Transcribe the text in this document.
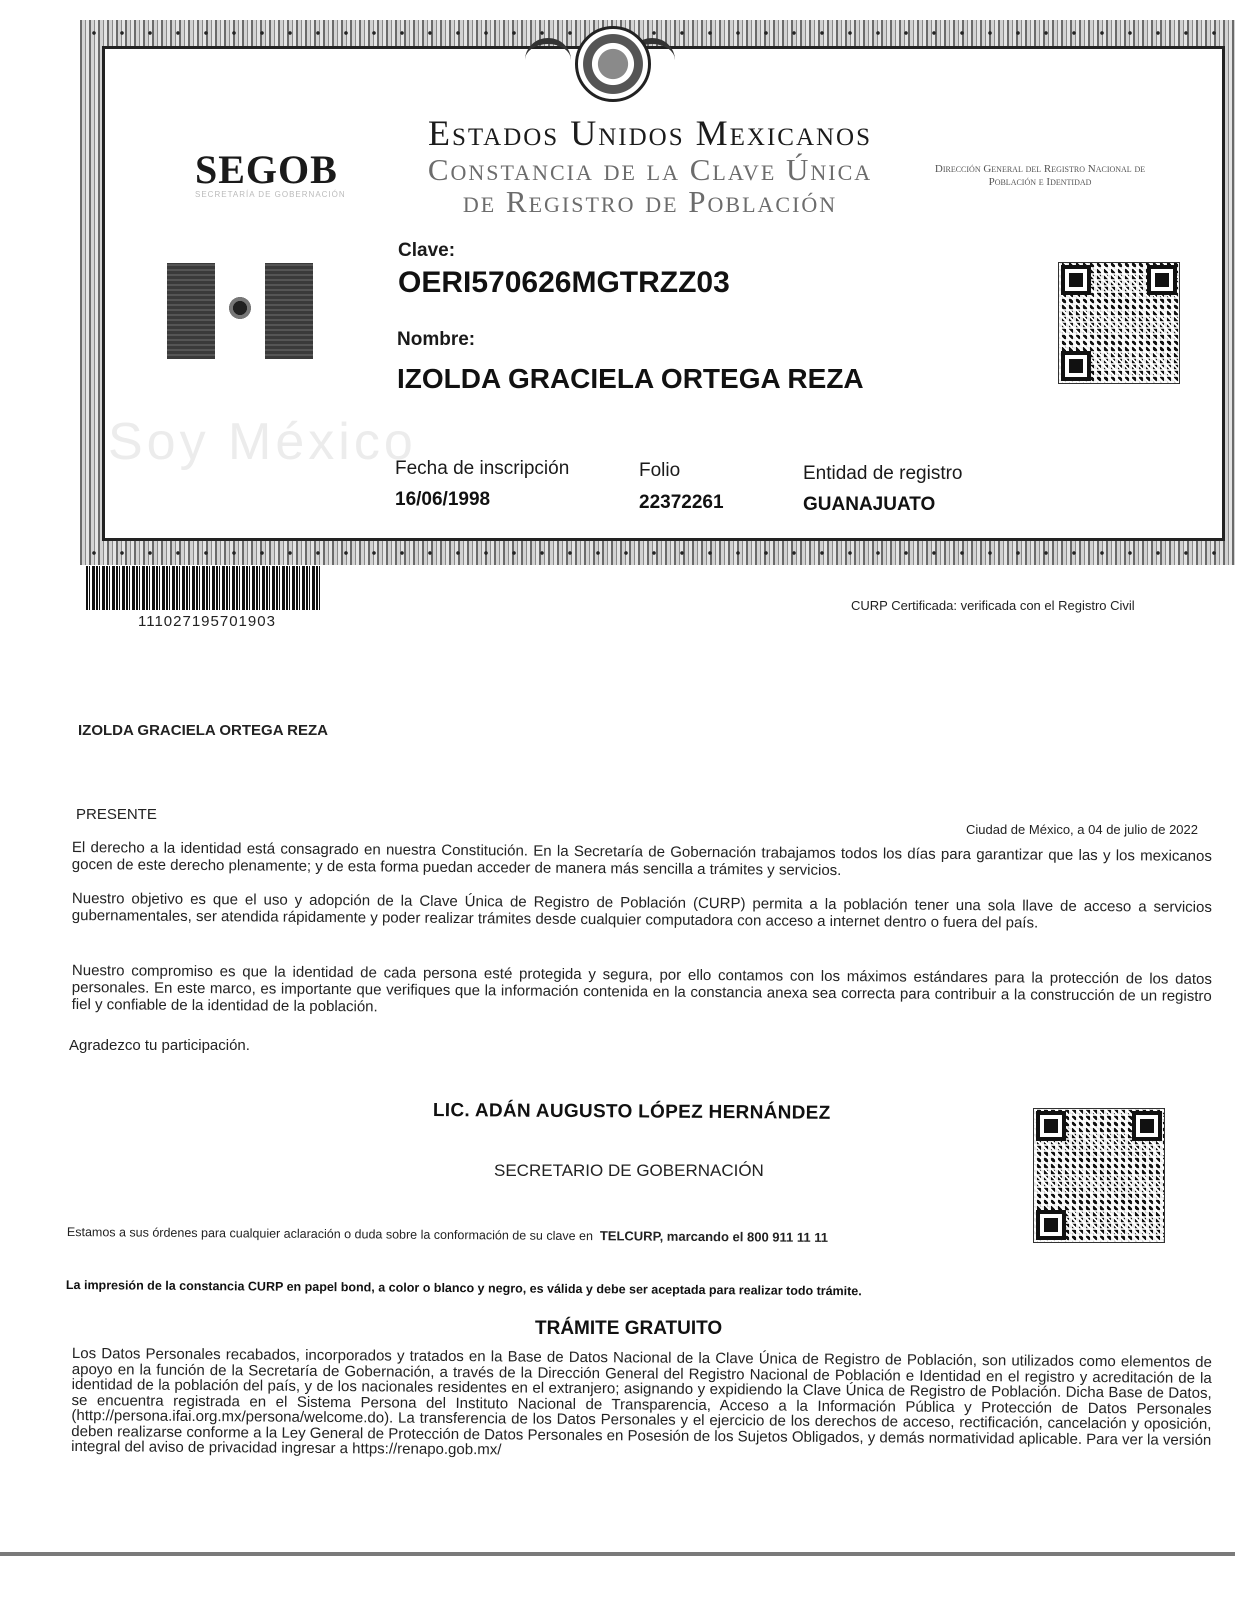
Estados Unidos Mexicanos
Constancia de la Clave Única
de Registro de Población
SEGOB
SECRETARÍA DE GOBERNACIÓN
Dirección General del Registro Nacional de Población e Identidad
Soy México
Clave:
OERI570626MGTRZZ03
Nombre:
IZOLDA GRACIELA ORTEGA REZA
Fecha de inscripción
16/06/1998
Folio
22372261
Entidad de registro
GUANAJUATO
111027195701903
CURP Certificada: verificada con el Registro Civil
IZOLDA GRACIELA ORTEGA REZA
PRESENTE
Ciudad de México, a 04 de julio de 2022
El derecho a la identidad está consagrado en nuestra Constitución. En la Secretaría de Gobernación trabajamos todos los días para garantizar que las y los mexicanos gocen de este derecho plenamente; y de esta forma puedan acceder de manera más sencilla a trámites y servicios.
Nuestro objetivo es que el uso y adopción de la Clave Única de Registro de Población (CURP) permita a la población tener una sola llave de acceso a servicios gubernamentales, ser atendida rápidamente y poder realizar trámites desde cualquier computadora con acceso a internet dentro o fuera del país.
Nuestro compromiso es que la identidad de cada persona esté protegida y segura, por ello contamos con los máximos estándares para la protección de los datos personales. En este marco, es importante que verifiques que la información contenida en la constancia anexa sea correcta para contribuir a la construcción de un registro fiel y confiable de la identidad de la población.
Agradezco tu participación.
LIC. ADÁN AUGUSTO LÓPEZ HERNÁNDEZ
SECRETARIO DE GOBERNACIÓN
Estamos a sus órdenes para cualquier aclaración o duda sobre la conformación de su clave en TELCURP, marcando el 800 911 11 11
La impresión de la constancia CURP en papel bond, a color o blanco y negro, es válida y debe ser aceptada para realizar todo trámite.
TRÁMITE GRATUITO
Los Datos Personales recabados, incorporados y tratados en la Base de Datos Nacional de la Clave Única de Registro de Población, son utilizados como elementos de apoyo en la función de la Secretaría de Gobernación, a través de la Dirección General del Registro Nacional de Población e Identidad en el registro y acreditación de la identidad de la población del país, y de los nacionales residentes en el extranjero; asignando y expidiendo la Clave Única de Registro de Población. Dicha Base de Datos, se encuentra registrada en el Sistema Persona del Instituto Nacional de Transparencia, Acceso a la Información Pública y Protección de Datos Personales (http://persona.ifai.org.mx/persona/welcome.do). La transferencia de los Datos Personales y el ejercicio de los derechos de acceso, rectificación, cancelación y oposición, deben realizarse conforme a la Ley General de Protección de Datos Personales en Posesión de los Sujetos Obligados, y demás normatividad aplicable. Para ver la versión integral del aviso de privacidad ingresar a https://renapo.gob.mx/
